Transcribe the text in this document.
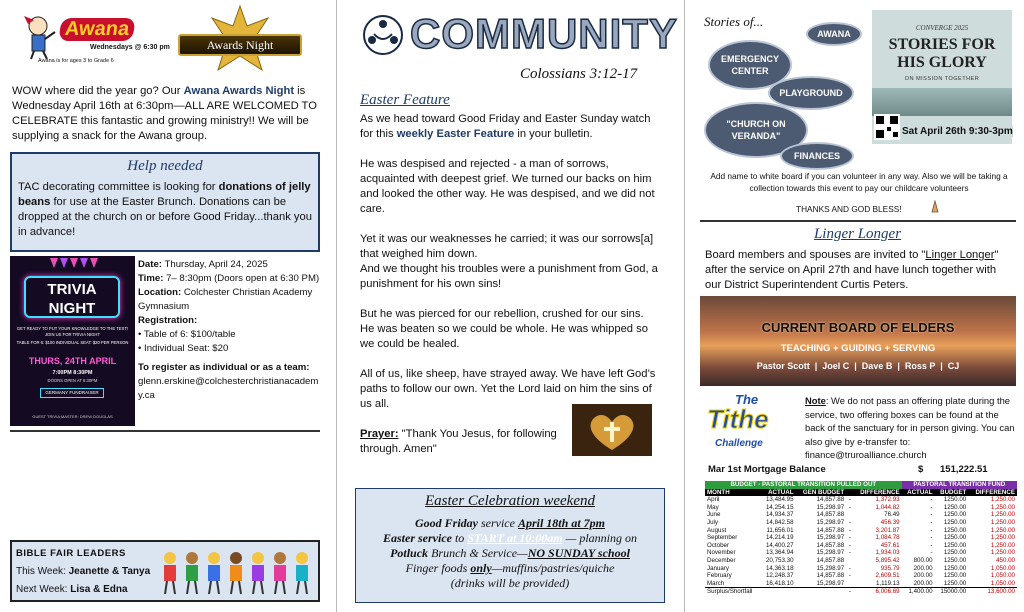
Awana
Wednesdays @ 6:30 pm
Awana is for ages 3 to Grade 6
Awards Night

WOW where did the year go? Our Awana Awards Night is Wednesday April 16th at 6:30pm—ALL ARE WELCOMED TO CELEBRATE this fantastic and growing ministry!! We will be supplying a snack for the Awana group.

Help needed

TAC decorating committee is looking for donations of jelly beans for use at the Easter Brunch. Donations can be dropped at the church on or before Good Friday...thank you in advance!

TRIVIA NIGHT
GET READY TO PUT YOUR KNOWLEDGE TO THE TEST! JOIN US FOR TRIVIA NIGHT
TABLE FOR 6: $100 INDIVIDUAL SEAT: $20 PER PERSON
THURS, 24TH APRIL
7:00PM 8:30PM
DOORS OPEN AT 6:30PM
GERMANY FUNDRAISER
GUEST TRIVIA MASTER: DREW DOUGLAS

Date: Thursday, April 24, 2025

Time: 7– 8:30pm (Doors open at 6:30 PM)

Location: Colchester Christian Academy Gymnasium

Registration:

• Table of 6: $100/table

• Individual Seat: $20

To register as individual or as a team:

glenn.erskine@colchesterchristianacademy.ca

BIBLE FAIR LEADERS
This Week: Jeanette & Tanya
Next Week: Lisa & Edna
COMMUNITY
Colossians 3:12-17
Easter Feature

As we head toward Good Friday and Easter Sunday watch for this weekly Easter Feature in your bulletin.

He was despised and rejected - a man of sorrows, acquainted with deepest grief. We turned our backs on him and looked the other way. He was despised, and we did not care.

Yet it was our weaknesses he carried; it was our sorrows[a] that weighed him down.

And we thought his troubles were a punishment from God, a punishment for his own sins!

But he was pierced for our rebellion, crushed for our sins. He was beaten so we could be whole. He was whipped so we could be healed.

All of us, like sheep, have strayed away. We have left God’s paths to follow our own. Yet the Lord laid on him the sins of us all.

Prayer: "Thank You Jesus, for following through. Amen"

Easter Celebration weekend
Good Friday service April 18th at 7pm
Easter service to START at 10:00am — planning on
Potluck Brunch & Service—NO SUNDAY school
Finger foods only—muffins/pastries/quiche
(drinks will be provided)
Stories of...
AWANA
EMERGENCY CENTER
PLAYGROUND
"CHURCH ON VERANDA"
FINANCES
CONVERGE 2025
STORIES FOR HIS GLORY
ON MISSION TOGETHER
Sat April 26th 9:30-3pm
Add name to white board if you can volunteer in any way. Also we will be taking a collection towards this event to pay our childcare volunteers
THANKS AND GOD BLESS!
Linger Longer

Board members and spouses are invited to "Linger Longer" after the service on April 27th and have lunch together with our District Superintendent Curtis Peters.

CURRENT BOARD OF ELDERS
TEACHING + GUIDING + SERVING
Pastor Scott  |  Joel C  |  Dave B  |  Ross P  |  CJ
The
Tithe
Challenge
Note: We do not pass an offering plate during the service, two offering boxes can be found at the back of the sanctuary for in person giving. You can also give by e-transfer to: finance@truroalliance.church
Mar 1st Mortgage Balance	$ 151,222.51
BUDGET - PASTORAL TRANSITION PULLED OUT					PASTORAL TRANSITION FUND		
MONTH	ACTUAL	GEN BUDGET		DIFFERENCE	ACTUAL	BUDGET	DIFFERENCE
April	13,484.95	14,857.88	-	1,372.93	-	1250.00	1,250.00
May	14,254.15	15,298.97	-	1,044.82	-	1250.00	1,250.00
June	14,934.37	14,857.88		76.49	-	1250.00	1,250.00
July	14,842.58	15,298.97	-	456.39	-	1250.00	1,250.00
August	11,656.01	14,857.88	-	3,201.87	-	1250.00	1,250.00
September	14,214.19	15,298.97	-	1,084.78	-	1250.00	1,250.00
October	14,400.27	14,857.88	-	457.61	-	1250.00	1,250.00
November	13,364.94	15,298.97	-	1,934.03	-	1250.00	1,250.00
December	20,753.30	14,857.88		5,895.42	800.00	1250.00	450.00
January	14,363.18	15,298.97	-	935.79	200.00	1250.00	1,050.00
February	12,248.37	14,857.88	-	2,609.51	200.00	1250.00	1,050.00
March	16,418.10	15,298.97		1,119.13	200.00	1250.00	1,050.00
Surplus/Shortfall			-	6,006.69	1,400.00	15000.00	13,600.00
